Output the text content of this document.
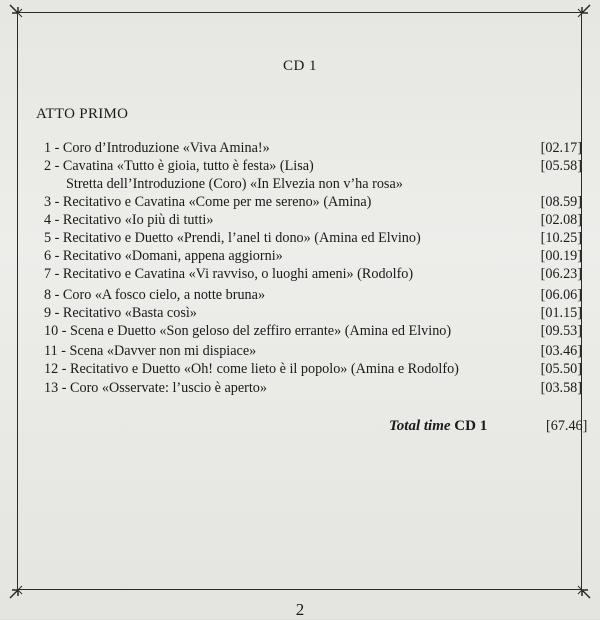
CD 1
ATTO PRIMO
1 - Coro d’Introduzione «Viva Amina!»	[02.17]
2 - Cavatina «Tutto è gioia, tutto è festa» (Lisa)	[05.58]
Stretta dell’Introduzione (Coro) «In Elvezia non v’ha rosa»
3 - Recitativo e Cavatina «Come per me sereno» (Amina)	[08.59]
4 - Recitativo «Io più di tutti»	[02.08]
5 - Recitativo e Duetto «Prendi, l’anel ti dono» (Amina ed Elvino)	[10.25]
6 - Recitativo «Domani, appena aggiorni»	[00.19]
7 - Recitativo e Cavatina «Vi ravviso, o luoghi ameni» (Rodolfo)	[06.23]
8 - Coro «A fosco cielo, a notte bruna»	[06.06]
9 - Recitativo «Basta così»	[01.15]
10 - Scena e Duetto «Son geloso del zeffiro errante» (Amina ed Elvino)	[09.53]
11 - Scena «Davver non mi dispiace»	[03.46]
12 - Recitativo e Duetto «Oh! come lieto è il popolo» (Amina e Rodolfo)	[05.50]
13 - Coro «Osservate: l’uscio è aperto»	[03.58]
Total time CD 1	[67.46]
2
